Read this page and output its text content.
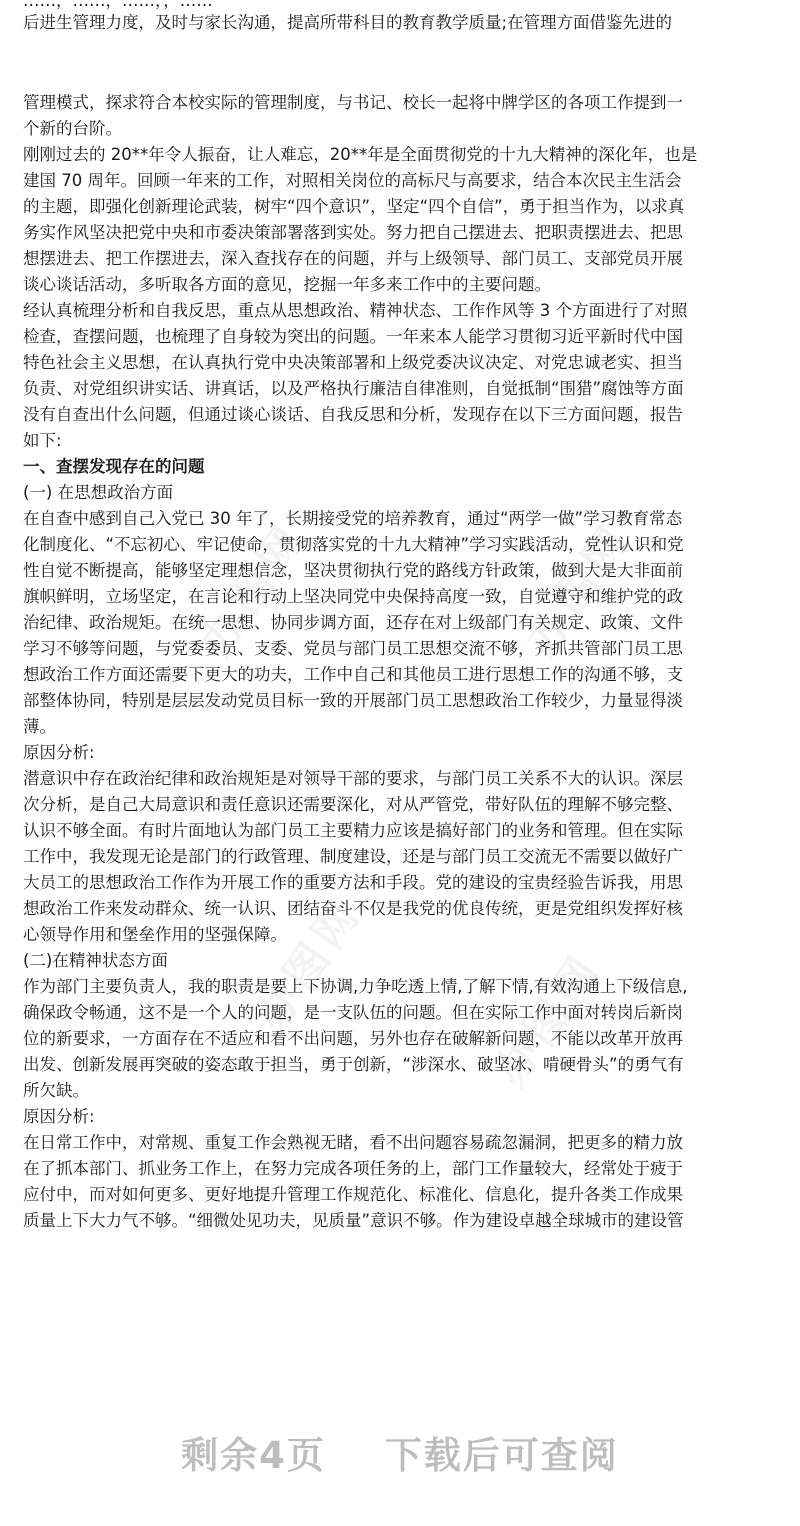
……，……，……，，……
后进生管理力度，及时与家长沟通，提高所带科目的教育教学质量;在管理方面借鉴先进的
管理模式，探求符合本校实际的管理制度，与书记、校长一起将中牌学区的各项工作提到一
个新的台阶。
刚刚过去的 20**年令人振奋，让人难忘，20**年是全面贯彻党的十九大精神的深化年，也是
建国 70 周年。回顾一年来的工作，对照相关岗位的高标尺与高要求，结合本次民主生活会
的主题，即强化创新理论武装，树牢“四个意识”，坚定“四个自信”，勇于担当作为，以求真
务实作风坚决把党中央和市委决策部署落到实处。努力把自己摆进去、把职责摆进去、把思
想摆进去、把工作摆进去，深入查找存在的问题，并与上级领导、部门员工、支部党员开展
谈心谈话活动，多听取各方面的意见，挖掘一年多来工作中的主要问题。
经认真梳理分析和自我反思，重点从思想政治、精神状态、工作作风等 3 个方面进行了对照
检查，查摆问题，也梳理了自身较为突出的问题。一年来本人能学习贯彻习近平新时代中国
特色社会主义思想，在认真执行党中央决策部署和上级党委决议决定、对党忠诚老实、担当
负责、对党组织讲实话、讲真话，以及严格执行廉洁自律准则，自觉抵制“围猎”腐蚀等方面
没有自查出什么问题，但通过谈心谈话、自我反思和分析，发现存在以下三方面问题，报告
如下:
一、查摆发现存在的问题
(一) 在思想政治方面
在自查中感到自己入党已 30 年了，长期接受党的培养教育，通过“两学一做”学习教育常态
化制度化、“不忘初心、牢记使命，贯彻落实党的十九大精神”学习实践活动，党性认识和党
性自觉不断提高，能够坚定理想信念，坚决贯彻执行党的路线方针政策，做到大是大非面前
旗帜鲜明，立场坚定，在言论和行动上坚决同党中央保持高度一致，自觉遵守和维护党的政
治纪律、政治规矩。在统一思想、协同步调方面，还存在对上级部门有关规定、政策、文件
学习不够等问题，与党委委员、支委、党员与部门员工思想交流不够，齐抓共管部门员工思
想政治工作方面还需要下更大的功夫，工作中自己和其他员工进行思想工作的沟通不够，支
部整体协同，特别是层层发动党员目标一致的开展部门员工思想政治工作较少，力量显得淡
薄。
原因分析:
潜意识中存在政治纪律和政治规矩是对领导干部的要求，与部门员工关系不大的认识。深层
次分析，是自己大局意识和责任意识还需要深化，对从严管党，带好队伍的理解不够完整、
认识不够全面。有时片面地认为部门员工主要精力应该是搞好部门的业务和管理。但在实际
工作中，我发现无论是部门的行政管理、制度建设，还是与部门员工交流无不需要以做好广
大员工的思想政治工作作为开展工作的重要方法和手段。党的建设的宝贵经验告诉我，用思
想政治工作来发动群众、统一认识、团结奋斗不仅是我党的优良传统，更是党组织发挥好核
心领导作用和堡垒作用的坚强保障。
(二)在精神状态方面
作为部门主要负责人，我的职责是要上下协调,力争吃透上情,了解下情,有效沟通上下级信息,
确保政令畅通，这不是一个人的问题，是一支队伍的问题。但在实际工作中面对转岗后新岗
位的新要求，一方面存在不适应和看不出问题，另外也存在破解新问题，不能以改革开放再
出发、创新发展再突破的姿态敢于担当，勇于创新，“涉深水、破坚冰、啃硬骨头”的勇气有
所欠缺。
原因分析:
在日常工作中，对常规、重复工作会熟视无睹，看不出问题容易疏忽漏洞，把更多的精力放
在了抓本部门、抓业务工作上，在努力完成各项任务的上，部门工作量较大，经常处于疲于
应付中，而对如何更多、更好地提升管理工作规范化、标准化、信息化，提升各类工作成果
质量上下大力气不够。“细微处见功夫，见质量”意识不够。作为建设卓越全球城市的建设管
剩余4页 下载后可查阅
